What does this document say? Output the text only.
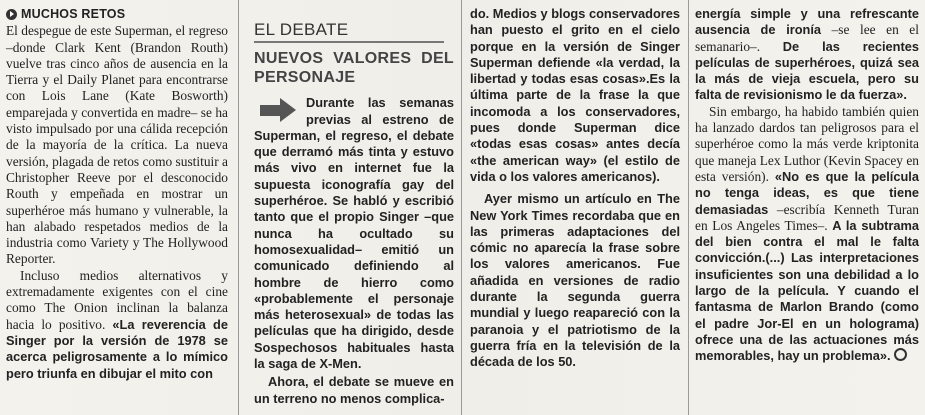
MUCHOS RETOS

El despegue de este Superman, el regreso –donde Clark Kent (Brandon Routh) vuelve tras cinco años de ausencia en la Tierra y el Daily Planet para encontrarse con Lois Lane (Kate Bosworth) emparejada y convertida en madre– se ha visto impulsado por una cálida recepción de la mayoría de la crítica. La nueva versión, plagada de retos como sustituir a Christopher Reeve por el desconocido Routh y empeñada en mostrar un superhéroe más humano y vulnerable, la han alabado respetados medios de la industria como Variety y The Hollywood Reporter.

Incluso medios alternativos y extremadamente exigentes con el cine como The Onion inclinan la balanza hacia lo positivo. «La reverencia de Singer por la versión de 1978 se acerca peligrosamente a lo mímico pero triunfa en dibujar el mito con

EL DEBATE
NUEVOS VALORES DEL PERSONAJE
Durante las semanas previas al estreno de Superman, el regreso, el debate que derramó más tinta y estuvo más vivo en internet fue la supuesta iconografía gay del superhéroe. Se habló y escribió tanto que el propio Singer –que nunca ha ocultado su homosexualidad– emitió un comunicado definiendo al hombre de hierro como «probablemente el personaje más heterosexual» de todas las películas que ha dirigido, desde Sospechosos habituales hasta la saga de X-Men.

Ahora, el debate se mueve en un terreno no menos complica-

do. Medios y blogs conservadores han puesto el grito en el cielo porque en la versión de Singer Superman defiende «la verdad, la libertad y todas esas cosas».Es la última parte de la frase la que incomoda a los conservadores, pues donde Superman dice «todas esas cosas» antes decía «the american way» (el estilo de vida o los valores americanos).

Ayer mismo un artículo en The New York Times recordaba que en las primeras adaptaciones del cómic no aparecía la frase sobre los valores americanos. Fue añadida en versiones de radio durante la segunda guerra mundial y luego reapareció con la paranoia y el patriotismo de la guerra fría en la televisión de la década de los 50.

energía simple y una refrescante ausencia de ironía –se lee en el semanario–. De las recientes películas de superhéroes, quizá sea la más de vieja escuela, pero su falta de revisionismo le da fuerza».

Sin embargo, ha habido también quien ha lanzado dardos tan peligrosos para el superhéroe como la más verde kriptonita que maneja Lex Luthor (Kevin Spacey en esta versión). «No es que la película no tenga ideas, es que tiene demasiadas –escribía Kenneth Turan en Los Angeles Times–. A la subtrama del bien contra el mal le falta convicción.(...) Las interpretaciones insuficientes son una debilidad a lo largo de la película. Y cuando el fantasma de Marlon Brando (como el padre Jor-El en un holograma) ofrece una de las actuaciones más memorables, hay un problema».
